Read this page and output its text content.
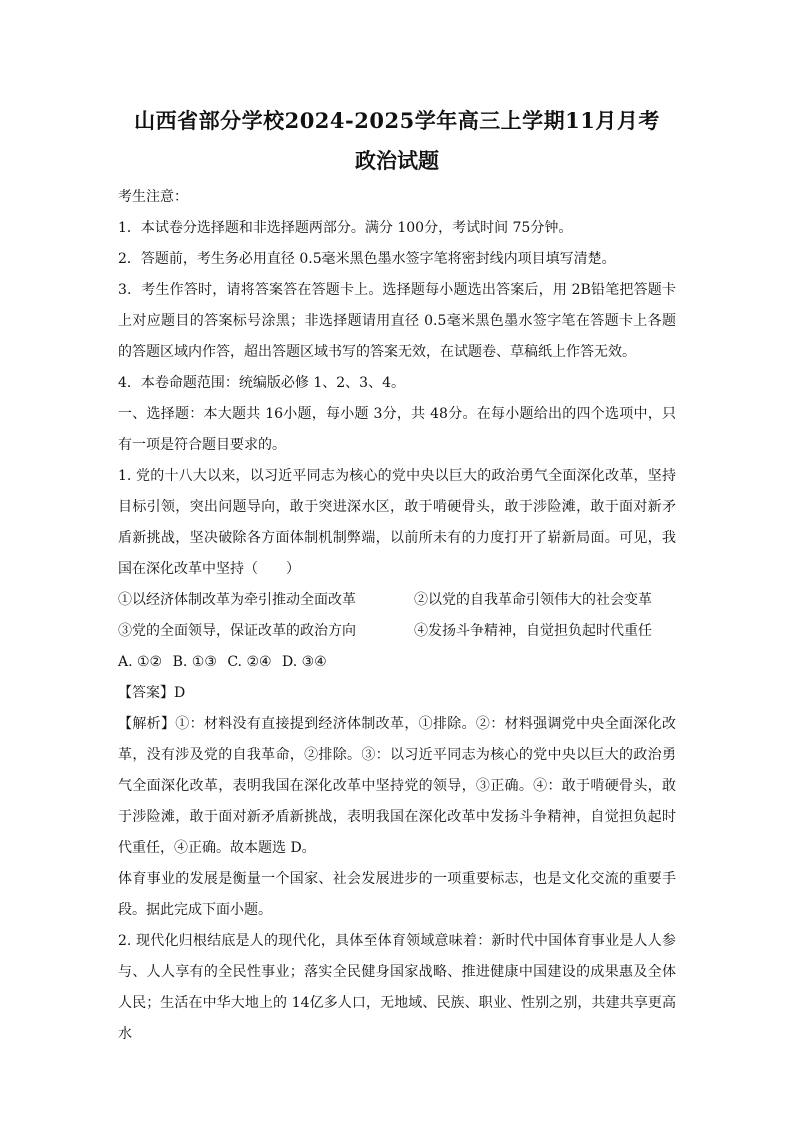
山西省部分学校2024-2025学年高三上学期11月月考
政治试题

考生注意：

1．本试卷分选择题和非选择题两部分。满分 100分，考试时间 75分钟。

2．答题前，考生务必用直径 0.5毫米黑色墨水签字笔将密封线内项目填写清楚。

3．考生作答时，请将答案答在答题卡上。选择题每小题选出答案后，用 2B铅笔把答题卡上对应题目的答案标号涂黑；非选择题请用直径 0.5毫米黑色墨水签字笔在答题卡上各题的答题区域内作答，超出答题区域书写的答案无效，在试题卷、草稿纸上作答无效。

4．本卷命题范围：统编版必修 1、2、3、4。

一、选择题：本大题共 16小题，每小题 3分，共 48分。在每小题给出的四个选项中，只有一项是符合题目要求的。

1. 党的十八大以来，以习近平同志为核心的党中央以巨大的政治勇气全面深化改革，坚持目标引领，突出问题导向，敢于突进深水区，敢于啃硬骨头，敢于涉险滩，敢于面对新矛盾新挑战，坚决破除各方面体制机制弊端，以前所未有的力度打开了崭新局面。可见，我国在深化改革中坚持（　　）

①以经济体制改革为牵引推动全面改革	②以党的自我革命引领伟大的社会变革
③党的全面领导，保证改革的政治方向	④发扬斗争精神，自觉担负起时代重任
A. ①② B. ①③ C. ②④ D. ③④

【答案】D

【解析】①：材料没有直接提到经济体制改革，①排除。②：材料强调党中央全面深化改革，没有涉及党的自我革命，②排除。③：以习近平同志为核心的党中央以巨大的政治勇气全面深化改革，表明我国在深化改革中坚持党的领导，③正确。④：敢于啃硬骨头，敢于涉险滩，敢于面对新矛盾新挑战，表明我国在深化改革中发扬斗争精神，自觉担负起时代重任，④正确。故本题选 D。

体育事业的发展是衡量一个国家、社会发展进步的一项重要标志，也是文化交流的重要手段。据此完成下面小题。

2. 现代化归根结底是人的现代化，具体至体育领域意味着：新时代中国体育事业是人人参与、人人享有的全民性事业；落实全民健身国家战略、推进健康中国建设的成果惠及全体人民；生活在中华大地上的 14亿多人口，无地域、民族、职业、性别之别，共建共享更高水
